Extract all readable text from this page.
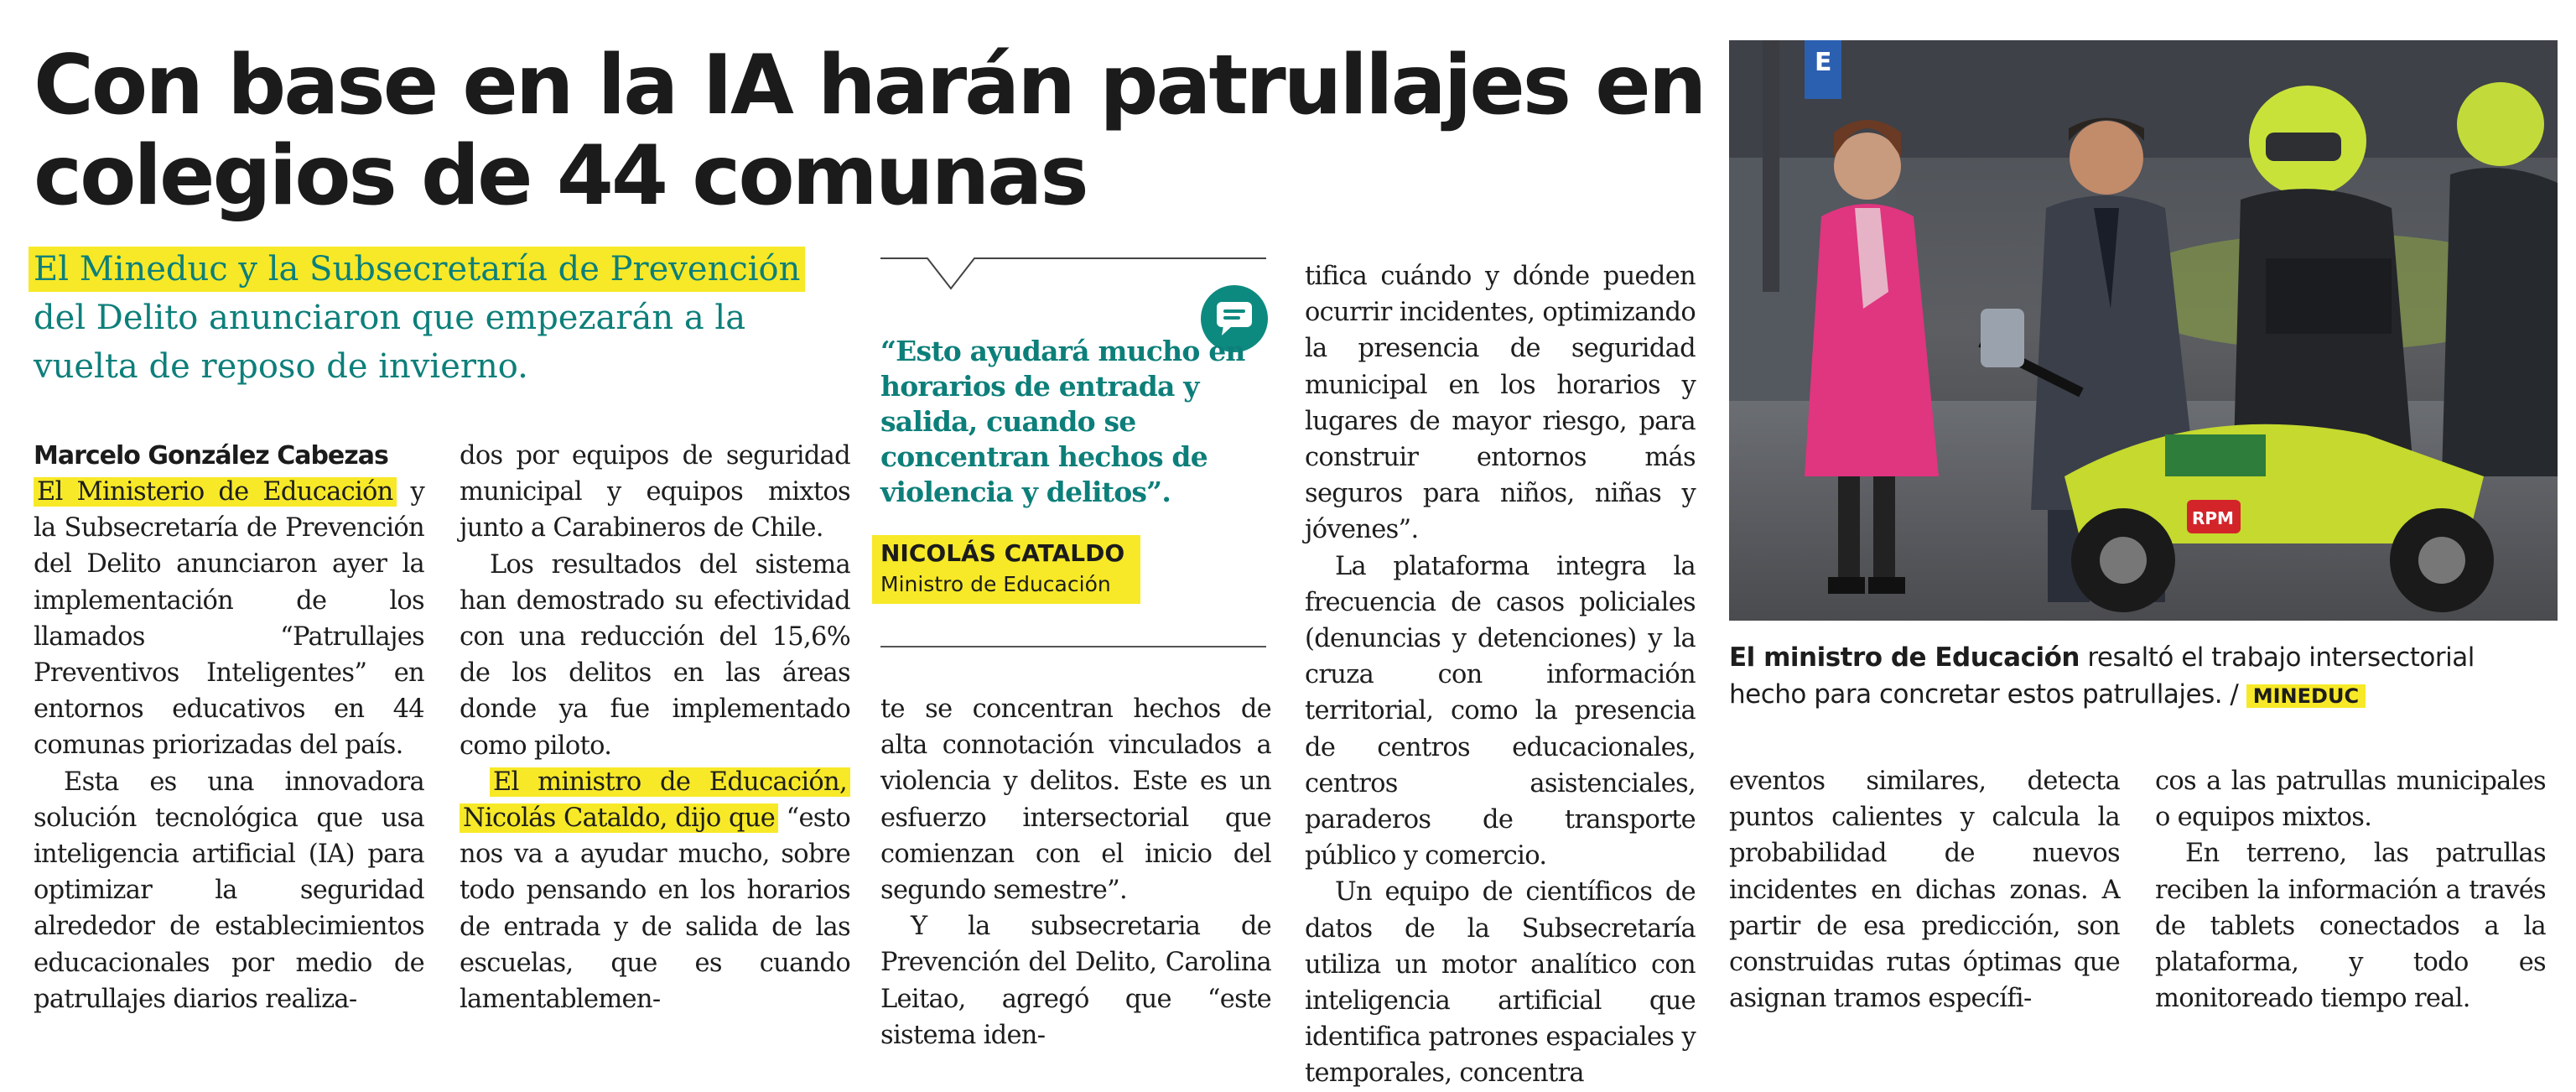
Con base en la IA harán patrullajes en colegios de 44 comunas

El Mineduc y la Subsecretaría de Prevención del Delito anunciaron que empezarán a la vuelta de reposo de invierno.

Marcelo González Cabezas

El Ministerio de Educación y la Subsecretaría de Prevención del Delito anunciaron ayer la implementación de los llamados “Patrullajes Preventivos Inteligentes” en entornos educativos en 44 comunas priorizadas del país.

Esta es una innovadora solución tecnológica que usa inteligencia artificial (IA) para optimizar la seguridad alrededor de establecimientos educacionales por medio de patrullajes diarios realiza-

dos por equipos de seguridad municipal y equipos mixtos junto a Carabineros de Chile.

Los resultados del sistema han demostrado su efectividad con una reducción del 15,6% de los delitos en las áreas donde ya fue implementado como piloto.

El ministro de Educación, Nicolás Cataldo, dijo que “esto nos va a ayudar mucho, sobre todo pensando en los horarios de entrada y de salida de las escuelas, que es cuando lamentablemen-

“Esto ayudará mucho en horarios de entrada y salida, cuando se concentran hechos de violencia y delitos”.

NICOLÁS CATALDO
Ministro de Educación

te se concentran hechos de alta connotación vinculados a violencia y delitos. Este es un esfuerzo intersectorial que comienzan con el inicio del segundo semestre”.

Y la subsecretaria de Prevención del Delito, Carolina Leitao, agregó que “este sistema iden-

tifica cuándo y dónde pueden ocurrir incidentes, optimizando la presencia de seguridad municipal en los horarios y lugares de mayor riesgo, para construir entornos más seguros para niños, niñas y jóvenes”.

La plataforma integra la frecuencia de casos policiales (denuncias y detenciones) y la cruza con información territorial, como la presencia de centros educacionales, centros asistenciales, paraderos de transporte público y comercio.

Un equipo de científicos de datos de la Subsecretaría utiliza un motor analítico con inteligencia artificial que identifica patrones espaciales y temporales, concentra

E
RPM

El ministro de Educación resaltó el trabajo intersectorial hecho para concretar estos patrullajes. / MINEDUC

eventos similares, detecta puntos calientes y calcula la probabilidad de nuevos incidentes en dichas zonas. A partir de esa predicción, son construidas rutas óptimas que asignan tramos específi-

cos a las patrullas municipales o equipos mixtos.

En terreno, las patrullas reciben la información a través de tablets conectados a la plataforma, y todo es monitoreado tiempo real.
